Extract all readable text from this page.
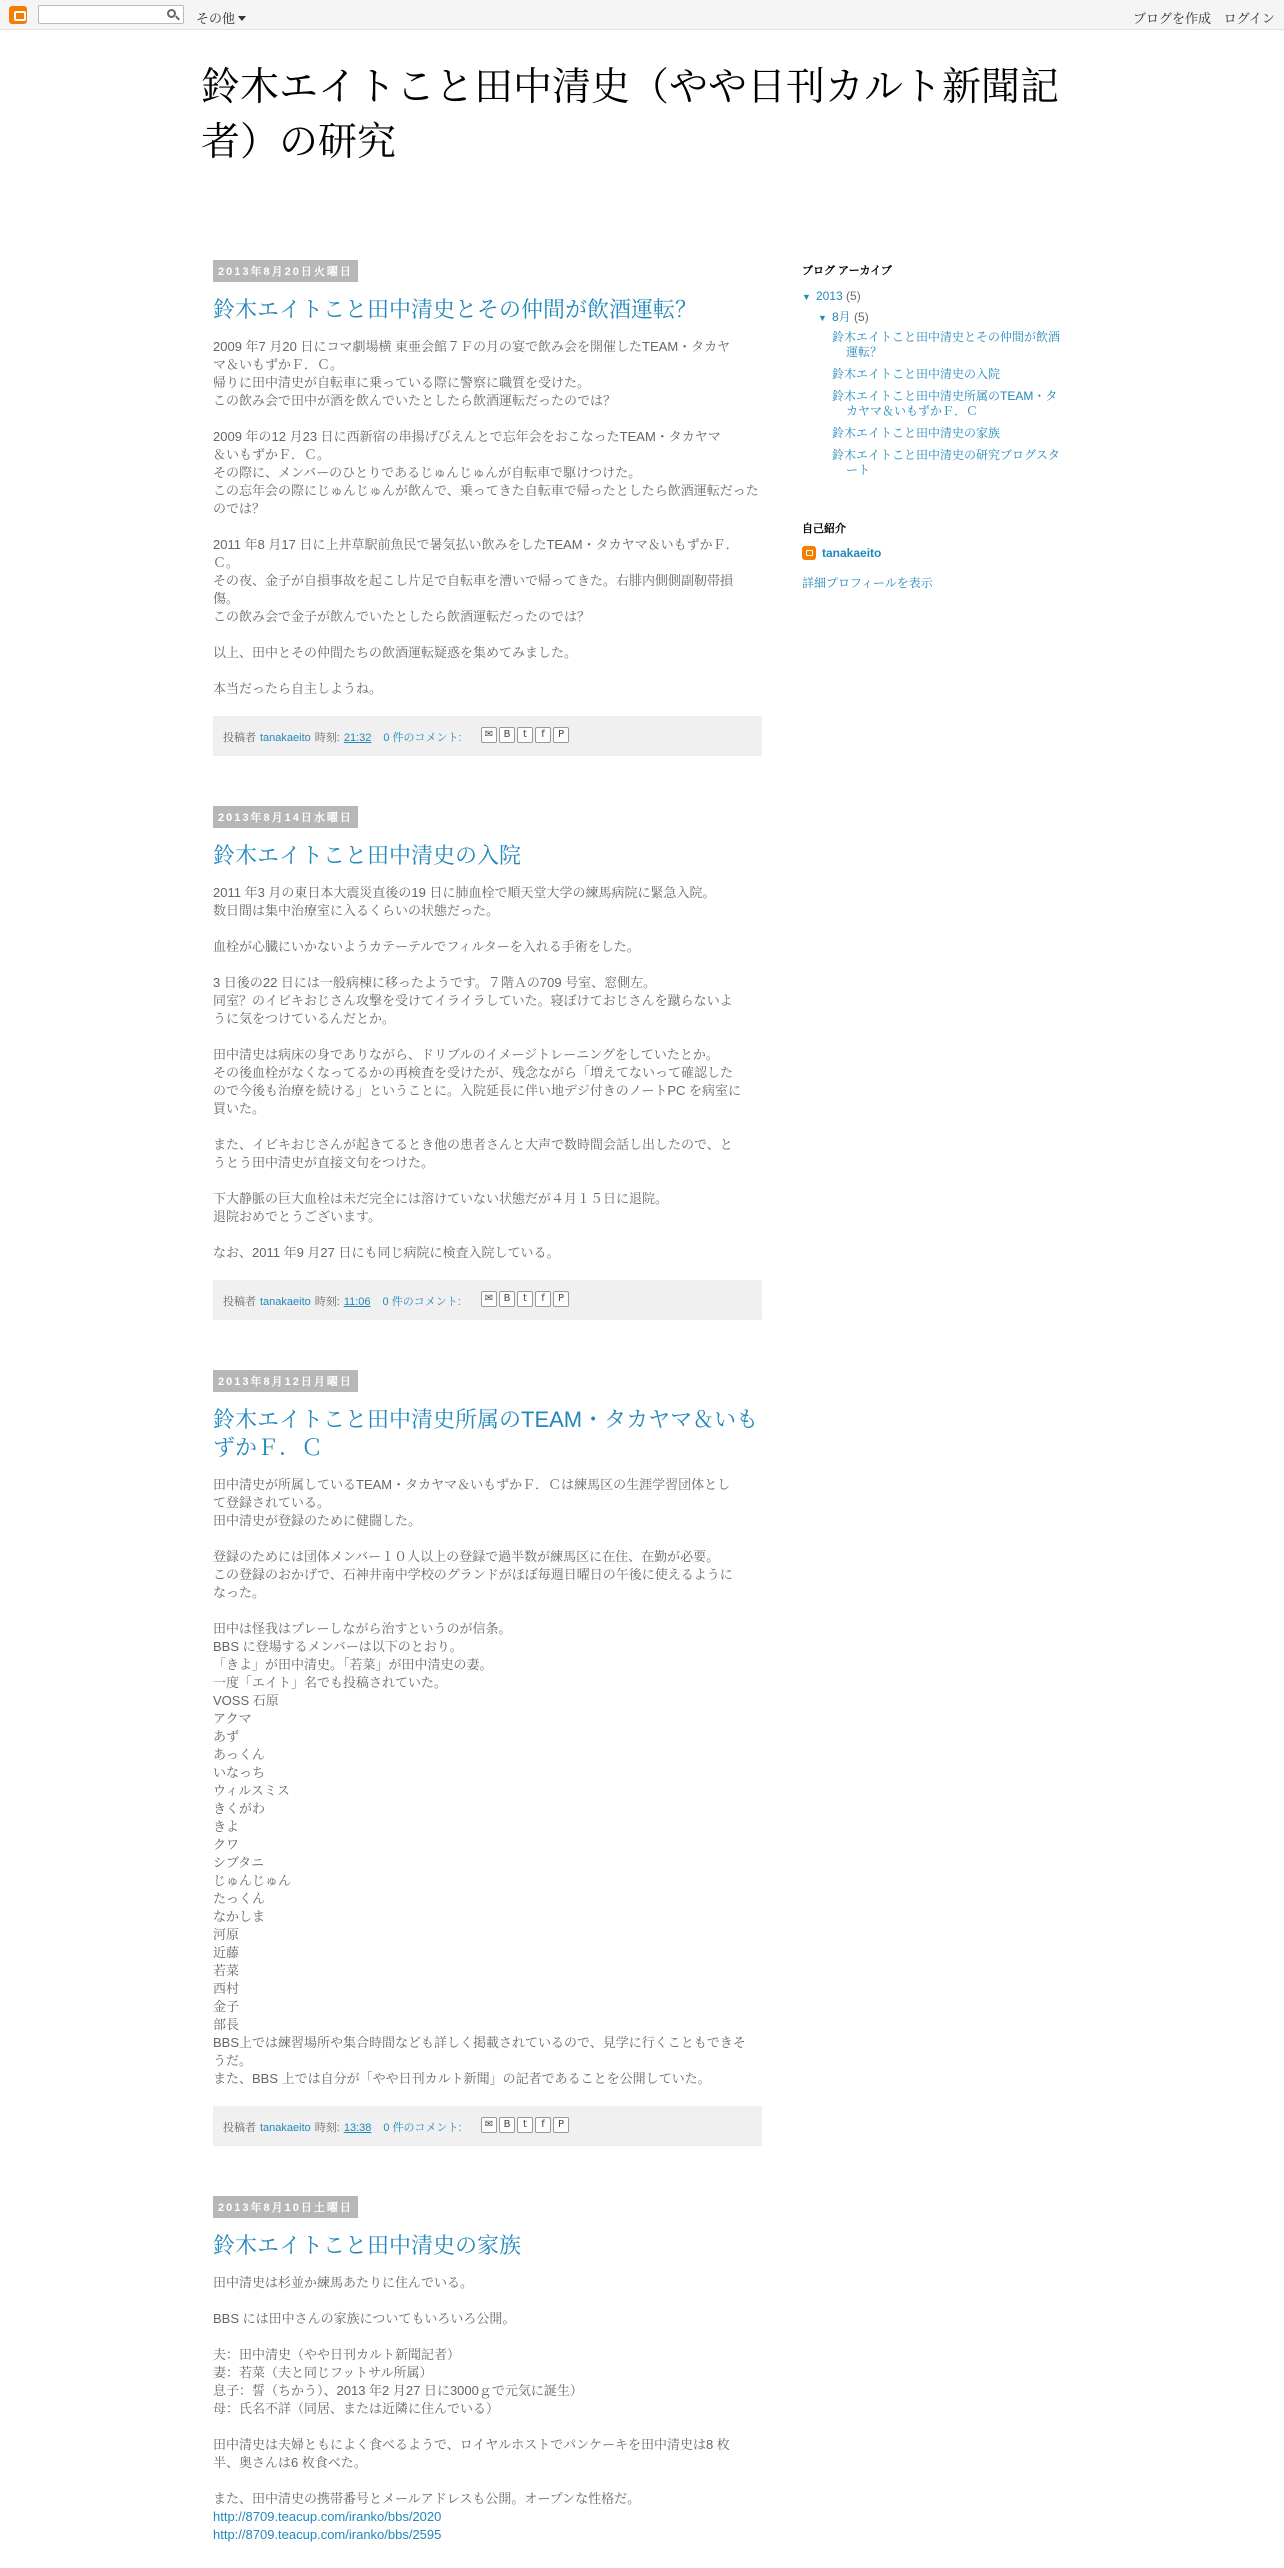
その他	ブログを作成 ログイン
鈴木エイトこと田中清史（やや日刊カルト新聞記者）の研究
2013年8月20日火曜日

鈴木エイトこと田中清史とその仲間が飲酒運転？
2009 年7 月20 日にコマ劇場横 東亜会館７Ｆの月の宴で飲み会を開催したTEAM・タカヤ
マ＆いもずかＦ．Ｃ。
帰りに田中清史が自転車に乗っている際に警察に職質を受けた。
この飲み会で田中が酒を飲んでいたとしたら飲酒運転だったのでは？
2009 年の12 月23 日に西新宿の串揚げびえんとで忘年会をおこなったTEAM・タカヤマ
＆いもずかＦ．Ｃ。
その際に、メンバーのひとりであるじゅんじゅんが自転車で駆けつけた。
この忘年会の際にじゅんじゅんが飲んで、乗ってきた自転車で帰ったとしたら飲酒運転だった
のでは？
2011 年8 月17 日に上井草駅前魚民で暑気払い飲みをしたTEAM・タカヤマ＆いもずかＦ．
Ｃ。
その夜、金子が自損事故を起こし片足で自転車を漕いで帰ってきた。右腓内側側副靭帯損
傷。
この飲み会で金子が飲んでいたとしたら飲酒運転だったのでは？
以上、田中とその仲間たちの飲酒運転疑惑を集めてみました。
本当だったら自主しようね。
投稿者 tanakaeito 時刻: 21:32 0 件のコメント:	✉	B	t	f	P
2013年8月14日水曜日

鈴木エイトこと田中清史の入院
2011 年3 月の東日本大震災直後の19 日に肺血栓で順天堂大学の練馬病院に緊急入院。
数日間は集中治療室に入るくらいの状態だった。
血栓が心臓にいかないようカテーテルでフィルターを入れる手術をした。
3 日後の22 日には一般病棟に移ったようです。７階Ａの709 号室、窓側左。
同室？のイビキおじさん攻撃を受けてイライラしていた。寝ぼけておじさんを蹴らないよ
うに気をつけているんだとか。
田中清史は病床の身でありながら、ドリブルのイメージトレーニングをしていたとか。
その後血栓がなくなってるかの再検査を受けたが、残念ながら「増えてないって確認した
ので今後も治療を続ける」ということに。入院延長に伴い地デジ付きのノートPC を病室に
買いた。
また、イビキおじさんが起きてるとき他の患者さんと大声で数時間会話し出したので、と
うとう田中清史が直接文句をつけた。
下大静脈の巨大血栓は未だ完全には溶けていない状態だが４月１５日に退院。
退院おめでとうございます。
なお、2011 年9 月27 日にも同じ病院に検査入院している。
投稿者 tanakaeito 時刻: 11:06 0 件のコメント:	✉	B	t	f	P
2013年8月12日月曜日

鈴木エイトこと田中清史所属のTEAM・タカヤマ＆いもずかＦ．Ｃ
田中清史が所属しているTEAM・タカヤマ＆いもずかＦ．Ｃは練馬区の生涯学習団体とし
て登録されている。
田中清史が登録のために健闘した。
登録のためには団体メンバー１０人以上の登録で過半数が練馬区に在住、在勤が必要。
この登録のおかげで、石神井南中学校のグランドがほぼ毎週日曜日の午後に使えるように
なった。
田中は怪我はプレーしながら治すというのが信条。
BBS に登場するメンバーは以下のとおり。
「きよ」が田中清史。「若菜」が田中清史の妻。
一度「エイト」名でも投稿されていた。
VOSS 石原
アクマ
あず
あっくん
いなっち
ウィルスミス
きくがわ
きよ
クワ
シブタニ
じゅんじゅん
たっくん
なかしま
河原
近藤
若菜
西村
金子
部長
BBS上では練習場所や集合時間なども詳しく掲載されているので、見学に行くこともできそ
うだ。
また、BBS 上では自分が「やや日刊カルト新聞」の記者であることを公開していた。
投稿者 tanakaeito 時刻: 13:38 0 件のコメント:	✉	B	t	f	P
2013年8月10日土曜日

鈴木エイトこと田中清史の家族
田中清史は杉並か練馬あたりに住んでいる。
BBS には田中さんの家族についてもいろいろ公開。
夫：田中清史（やや日刊カルト新聞記者）
妻：若菜（夫と同じフットサル所属）
息子：誓（ちかう）、2013 年2 月27 日に3000ｇで元気に誕生）
母：氏名不詳（同居、または近隣に住んでいる）
田中清史は夫婦ともによく食べるようで、ロイヤルホストでパンケーキを田中清史は8 枚
半、奥さんは6 枚食べた。
また、田中清史の携帯番号とメールアドレスも公開。オープンな性格だ。
http://8709.teacup.com/iranko/bbs/2020
http://8709.teacup.com/iranko/bbs/2595
ブログ アーカイブ
▼ 2013 (5)
▼ 8月 (5)
鈴木エイトこと田中清史とその仲間が飲酒運転？
鈴木エイトこと田中清史の入院
鈴木エイトこと田中清史所属のTEAM・タカヤマ＆いもずかＦ．Ｃ
鈴木エイトこと田中清史の家族
鈴木エイトこと田中清史の研究ブログスタート
自己紹介
tanakaeito
詳細プロフィールを表示
